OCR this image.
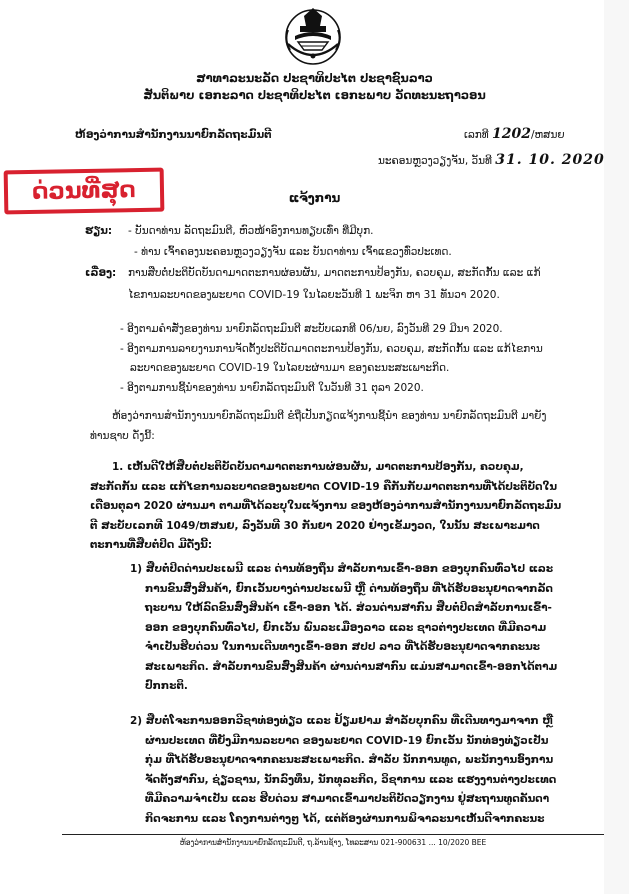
ສາທາລະນະລັດ ປະຊາທິປະໄຕ ປະຊາຊົນລາວ
ສັນຕິພາບ ເອກະລາດ ປະຊາທິປະໄຕ ເອກະພາບ ວັດທະນະຖາວອນ
ຫ້ອງວ່າການສຳນັກງານນາຍົກລັດຖະມົນຕີ	ເລກທີ 1202/ຫສນຍ
ນະຄອນຫຼວງວຽງຈັນ, ວັນທີ 31. 10. 2020
ດ່ວນທີ່ສຸດ	ແຈ້ງການ
ຮຽນ: - ບັນດາທ່ານ ລັດຖະມົນຕີ, ຫົວໜ້າອົງການທຽບເທົ່າ ທີ່ມີບຸກ.
- ທ່ານ ເຈົ້າຄອງນະຄອນຫຼວງວຽງຈັນ ແລະ ບັນດາທ່ານ ເຈົ້າແຂວງທົ່ວປະເທດ.
ເລື່ອງ: ການສືບຕໍ່ປະຕິບັດບັນດາມາດຕະການຜ່ອນຜັນ, ມາດຕະການປ້ອງກັນ, ຄວບຄຸມ, ສະກັດກັ້ນ ແລະ ແກ້
ໄຂການລະບາດຂອງພະຍາດ COVID-19 ໃນໄລຍະວັນທີ 1 ພະຈິກ ຫາ 31 ທັນວາ 2020.

- ອີງຕາມຄຳສັ່ງຂອງທ່ານ ນາຍົກລັດຖະມົນຕີ ສະບັບເລກທີ 06/ນຍ, ລົງວັນທີ 29 ມີນາ 2020.

- ອີງຕາມການລາຍງານການຈັດຕັ້ງປະຕິບັດມາດຕະການປ້ອງກັນ, ຄວບຄຸມ, ສະກັດກັ້ນ ແລະ ແກ້ໄຂການ

ລະບາດຂອງພະຍາດ COVID-19 ໃນໄລຍະຜ່ານມາ ຂອງຄະນະສະເພາະກິດ.

- ອີງຕາມການຊີ້ນຳຂອງທ່ານ ນາຍົກລັດຖະມົນຕີ ໃນວັນທີ 31 ຕຸລາ 2020.

ຫ້ອງວ່າການສຳນັກງານນາຍົກລັດຖະມົນຕີ ຂໍຖືເປັນກຽດແຈ້ງການຊີ້ນຳ ຂອງທ່ານ ນາຍົກລັດຖະມົນຕີ ມາຍັງ

ທ່ານຊາບ ດັ່ງນີ້:

1. ເຫັນດີໃຫ້ສືບຕໍ່ປະຕິບັດບັນດາມາດຕະການຜ່ອນຜັນ, ມາດຕະການປ້ອງກັນ, ຄວບຄຸມ,

ສະກັດກັ້ນ ແລະ ແກ້ໄຂການລະບາດຂອງພະຍາດ COVID-19 ຄືກັນກັບມາດຕະການທີ່ໄດ້ປະຕິບັດໃນ

ເດືອນຕຸລາ 2020 ຜ່ານມາ ຕາມທີ່ໄດ້ລະບຸໃນແຈ້ງການ ຂອງຫ້ອງວ່າການສຳນັກງານນາຍົກລັດຖະມົນ

ຕີ ສະບັບເລກທີ 1049/ຫສນຍ, ລົງວັນທີ 30 ກັນຍາ 2020 ຢ່າງເຂັ້ມງວດ, ໃນນັ້ນ ສະເພາະມາດ

ຕະການທີ່ສືບຕໍ່ປິດ ມີດັ່ງນີ້:

1) ສືບຕໍ່ປິດດ່ານປະເພນີ ແລະ ດ່ານທ້ອງຖິ່ນ ສຳລັບການເຂົ້າ-ອອກ ຂອງບຸກຄົນທົ່ວໄປ ແລະ

ການຂົນສົ່ງສິນຄ້າ, ຍົກເວັ້ນບາງດ່ານປະເພນີ ຫຼື ດ່ານທ້ອງຖິ່ນ ທີ່ໄດ້ຮັບອະນຸຍາດຈາກລັດ

ຖະບານ ໃຫ້ລົດຂົນສົ່ງສິນຄ້າ ເຂົ້າ-ອອກ ໄດ້. ສ່ວນດ່ານສາກົນ ສືບຕໍ່ປິດສຳລັບການເຂົ້າ-

ອອກ ຂອງບຸກຄົນທົ່ວໄປ, ຍົກເວັ້ນ ພົນລະເມືອງລາວ ແລະ ຊາວຕ່າງປະເທດ ທີ່ມີຄວາມ

ຈຳເປັນຮີບດ່ວນ ໃນການເດີນທາງເຂົ້າ-ອອກ ສປປ ລາວ ທີ່ໄດ້ຮັບອະນຸຍາດຈາກຄະນະ

ສະເພາະກິດ. ສຳລັບການຂົນສົ່ງສິນຄ້າ ຜ່ານດ່ານສາກົນ ແມ່ນສາມາດເຂົ້າ-ອອກໄດ້ຕາມ

ປົກກະຕິ.

2) ສືບຕໍ່ໂຈະການອອກວີຊາທ່ອງທ່ຽວ ແລະ ຢ້ຽມຢາມ ສຳລັບບຸກຄົນ ທີ່ເດີນທາງມາຈາກ ຫຼື

ຜ່ານປະເທດ ທີ່ຍັງມີການລະບາດ ຂອງພະຍາດ COVID-19 ຍົກເວັ້ນ ນັກທ່ອງທ່ຽວເປັນ

ກຸ່ມ ທີ່ໄດ້ຮັບອະນຸຍາດຈາກຄະນະສະເພາະກິດ. ສຳລັບ ນັກການທູດ, ພະນັກງານອົງການ

ຈັດຕັ້ງສາກົນ, ຊ່ຽວຊານ, ນັກລົງທຶນ, ນັກທຸລະກິດ, ວິຊາການ ແລະ ແຮງງານຕ່າງປະເທດ

ທີ່ມີຄວາມຈຳເປັນ ແລະ ຮີບດ່ວນ ສາມາດເຂົ້າມາປະຕິບັດວຽກງານ ຢູ່ສະຖານທູດຄັນດາ

ກິດຈະການ ແລະ ໂຄງການຕ່າງໆ ໄດ້, ແຕ່ຕ້ອງຜ່ານການພິຈາລະນາເຫັນດີຈາກຄະນະ

ຫ້ອງວ່າການສຳນັກງານນາຍົກລັດຖະມົນຕີ, ຖ.ລ້ານຊ້າງ, ໂທລະສານ 021-900631 ... 10/2020 BEE
